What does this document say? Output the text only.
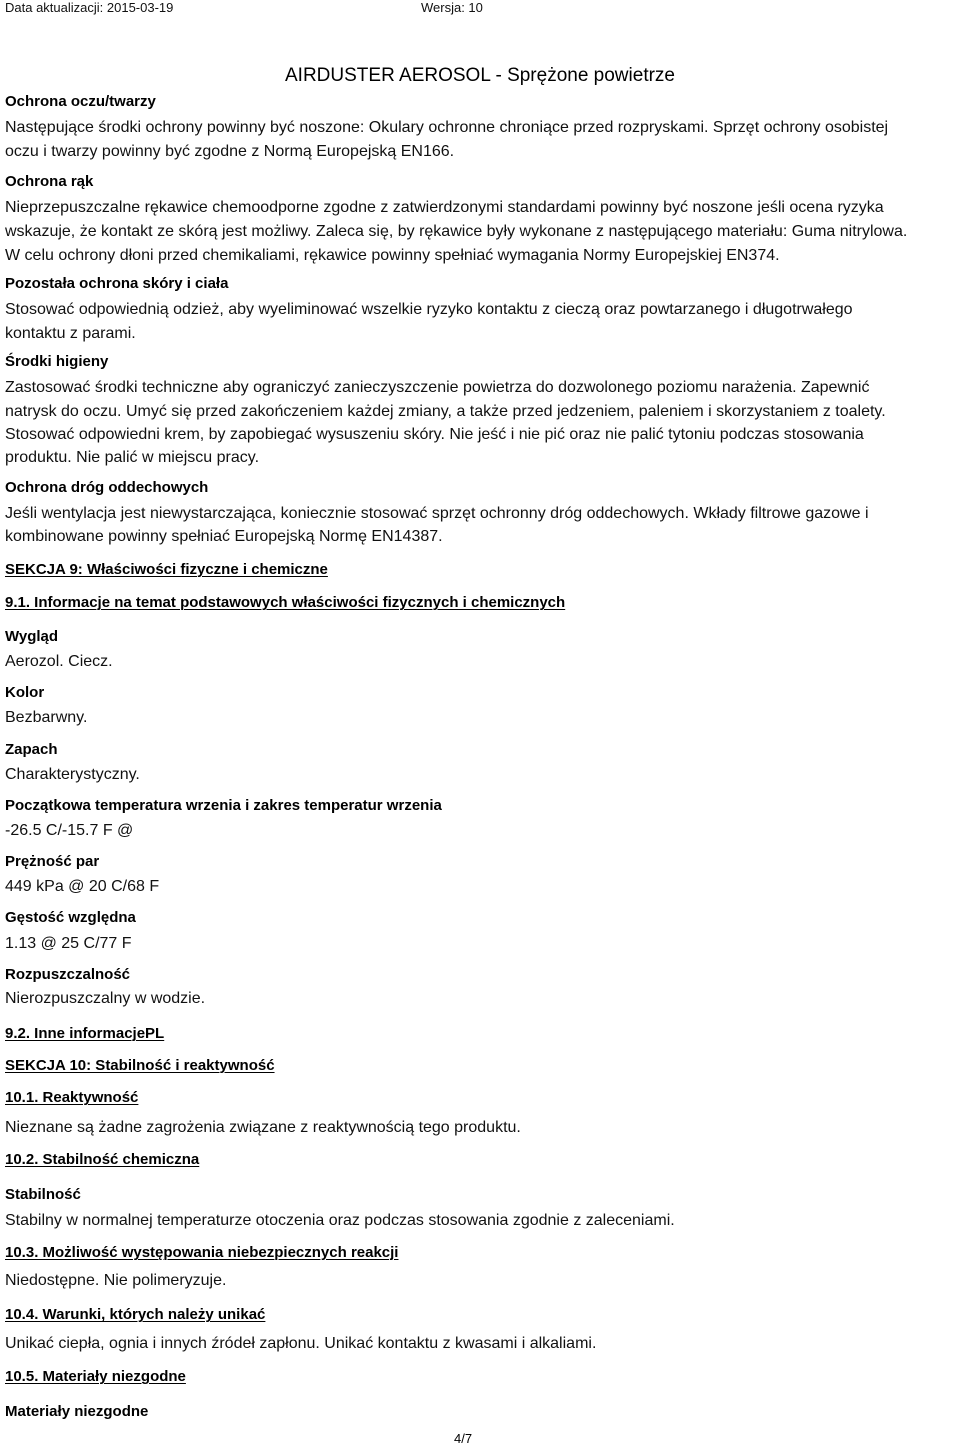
Data aktualizacji: 2015-03-19	Wersja: 10
AIRDUSTER AEROSOL - Sprężone powietrze
Ochrona oczu/twarzy
Następujące środki ochrony powinny być noszone: Okulary ochronne chroniące przed rozpryskami. Sprzęt ochrony osobistej
oczu i twarzy powinny być zgodne z Normą Europejską EN166.
Ochrona rąk
Nieprzepuszczalne rękawice chemoodporne zgodne z zatwierdzonymi standardami powinny być noszone jeśli ocena ryzyka
wskazuje, że kontakt ze skórą jest możliwy. Zaleca się, by rękawice były wykonane z następującego materiału: Guma nitrylowa.
W celu ochrony dłoni przed chemikaliami, rękawice powinny spełniać wymagania Normy Europejskiej EN374.
Pozostała ochrona skóry i ciała
Stosować odpowiednią odzież, aby wyeliminować wszelkie ryzyko kontaktu z cieczą oraz powtarzanego i długotrwałego
kontaktu z parami.
Środki higieny
Zastosować środki techniczne aby ograniczyć zanieczyszczenie powietrza do dozwolonego poziomu narażenia. Zapewnić
natrysk do oczu. Umyć się przed zakończeniem każdej zmiany, a także przed jedzeniem, paleniem i skorzystaniem z toalety.
Stosować odpowiedni krem, by zapobiegać wysuszeniu skóry. Nie jeść i nie pić oraz nie palić tytoniu podczas stosowania
produktu. Nie palić w miejscu pracy.
Ochrona dróg oddechowych
Jeśli wentylacja jest niewystarczająca, koniecznie stosować sprzęt ochronny dróg oddechowych. Wkłady filtrowe gazowe i
kombinowane powinny spełniać Europejską Normę EN14387.
SEKCJA 9: Właściwości fizyczne i chemiczne
9.1. Informacje na temat podstawowych właściwości fizycznych i chemicznych
Wygląd
Aerozol. Ciecz.
Kolor
Bezbarwny.
Zapach
Charakterystyczny.
Początkowa temperatura wrzenia i zakres temperatur wrzenia
-26.5 C/-15.7 F @
Prężność par
449 kPa @ 20 C/68 F
Gęstość względna
1.13 @ 25 C/77 F
Rozpuszczalność
Nierozpuszczalny w wodzie.
9.2. Inne informacjePL
SEKCJA 10: Stabilność i reaktywność
10.1. Reaktywność
Nieznane są żadne zagrożenia związane z reaktywnością tego produktu.
10.2. Stabilność chemiczna
Stabilność
Stabilny w normalnej temperaturze otoczenia oraz podczas stosowania zgodnie z zaleceniami.
10.3. Możliwość występowania niebezpiecznych reakcji
Niedostępne. Nie polimeryzuje.
10.4. Warunki, których należy unikać
Unikać ciepła, ognia i innych źródeł zapłonu. Unikać kontaktu z kwasami i alkaliami.
10.5. Materiały niezgodne
Materiały niezgodne
4/7
